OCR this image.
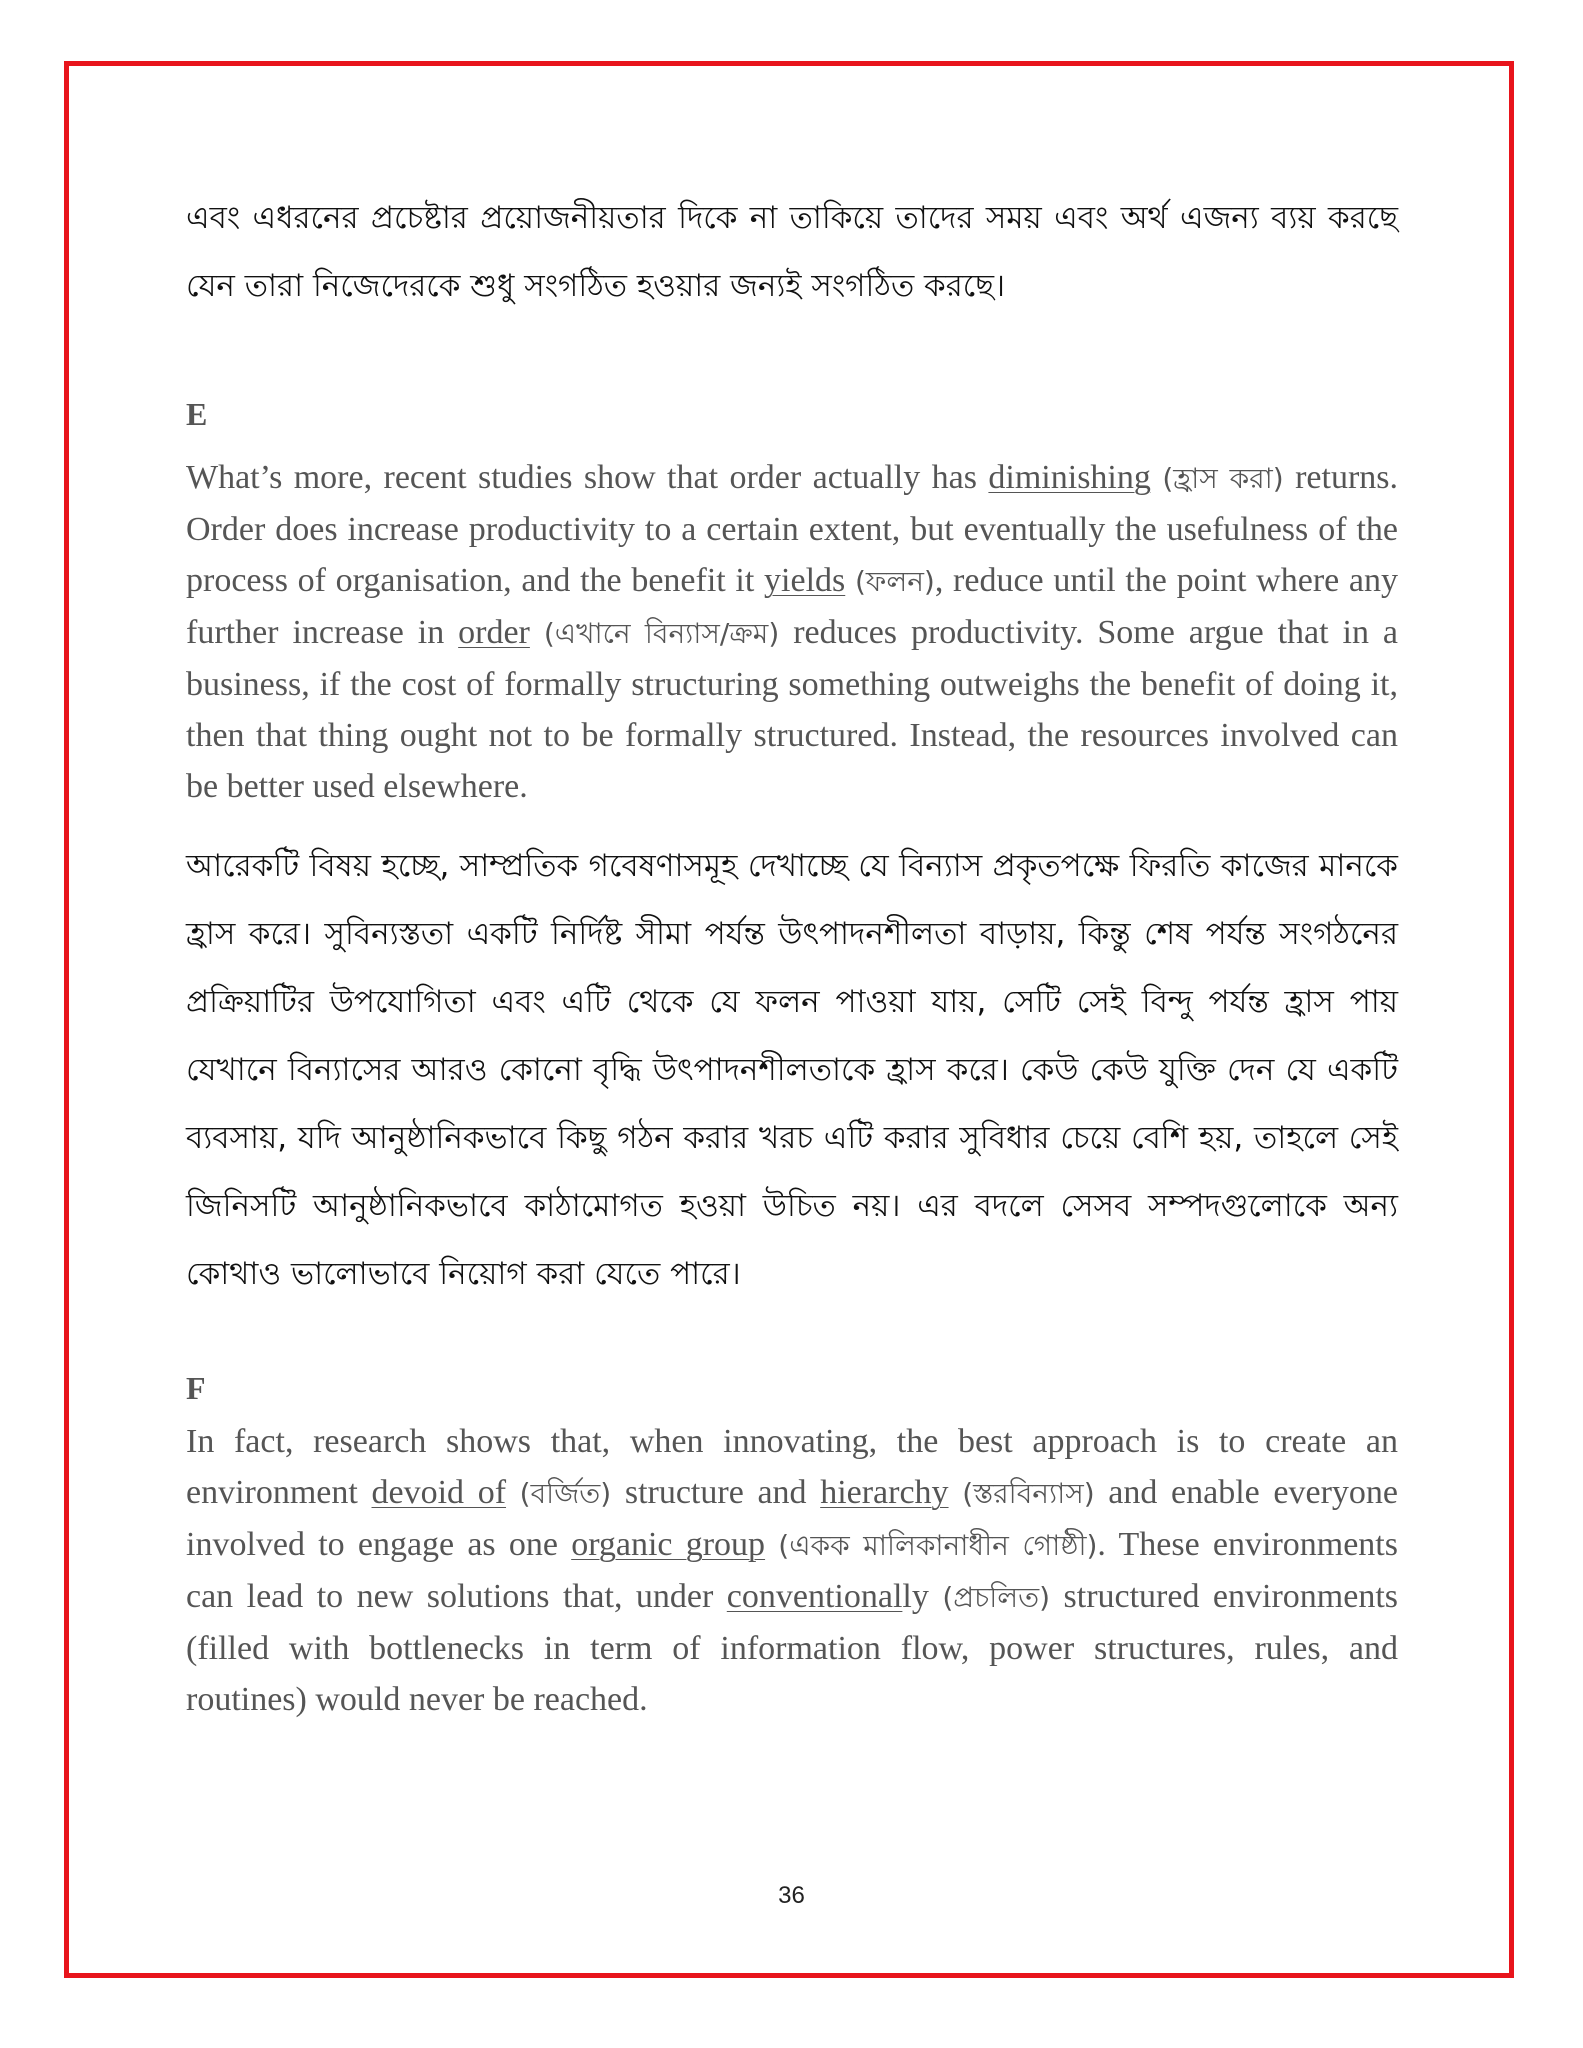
এবং এধরনের প্রচেষ্টার প্রয়োজনীয়তার দিকে না তাকিয়ে তাদের সময় এবং অর্থ এজন্য ব্যয় করছে যেন তারা নিজেদেরকে শুধু সংগঠিত হওয়ার জন্যই সংগঠিত করছে।

E

What’s more, recent studies show that order actually has diminishing (হ্রাস করা) returns. Order does increase productivity to a certain extent, but eventually the usefulness of the process of organisation, and the benefit it yields (ফলন), reduce until the point where any further increase in order (এখানে বিন্যাস/ক্রম) reduces productivity. Some argue that in a business, if the cost of formally structuring something outweighs the benefit of doing it, then that thing ought not to be formally structured. Instead, the resources involved can be better used elsewhere.

আরেকটি বিষয় হচ্ছে, সাম্প্রতিক গবেষণাসমূহ দেখাচ্ছে যে বিন্যাস প্রকৃতপক্ষে ফিরতি কাজের মানকে হ্রাস করে। সুবিন্যস্ততা একটি নির্দিষ্ট সীমা পর্যন্ত উৎপাদনশীলতা বাড়ায়, কিন্তু শেষ পর্যন্ত সংগঠনের প্রক্রিয়াটির উপযোগিতা এবং এটি থেকে যে ফলন পাওয়া যায়, সেটি সেই বিন্দু পর্যন্ত হ্রাস পায় যেখানে বিন্যাসের আরও কোনো বৃদ্ধি উৎপাদনশীলতাকে হ্রাস করে। কেউ কেউ যুক্তি দেন যে একটি ব্যবসায়, যদি আনুষ্ঠানিকভাবে কিছু গঠন করার খরচ এটি করার সুবিধার চেয়ে বেশি হয়, তাহলে সেই জিনিসটি আনুষ্ঠানিকভাবে কাঠামোগত হওয়া উচিত নয়। এর বদলে সেসব সম্পদগুলোকে অন্য কোথাও ভালোভাবে নিয়োগ করা যেতে পারে।

F

In fact, research shows that, when innovating, the best approach is to create an environment devoid of (বর্জিত) structure and hierarchy (স্তরবিন্যাস) and enable everyone involved to engage as one organic group (একক মালিকানাধীন গোষ্ঠী). These environments can lead to new solutions that, under conventionally (প্রচলিত) structured environments (filled with bottlenecks in term of information flow, power structures, rules, and routines) would never be reached.

36
